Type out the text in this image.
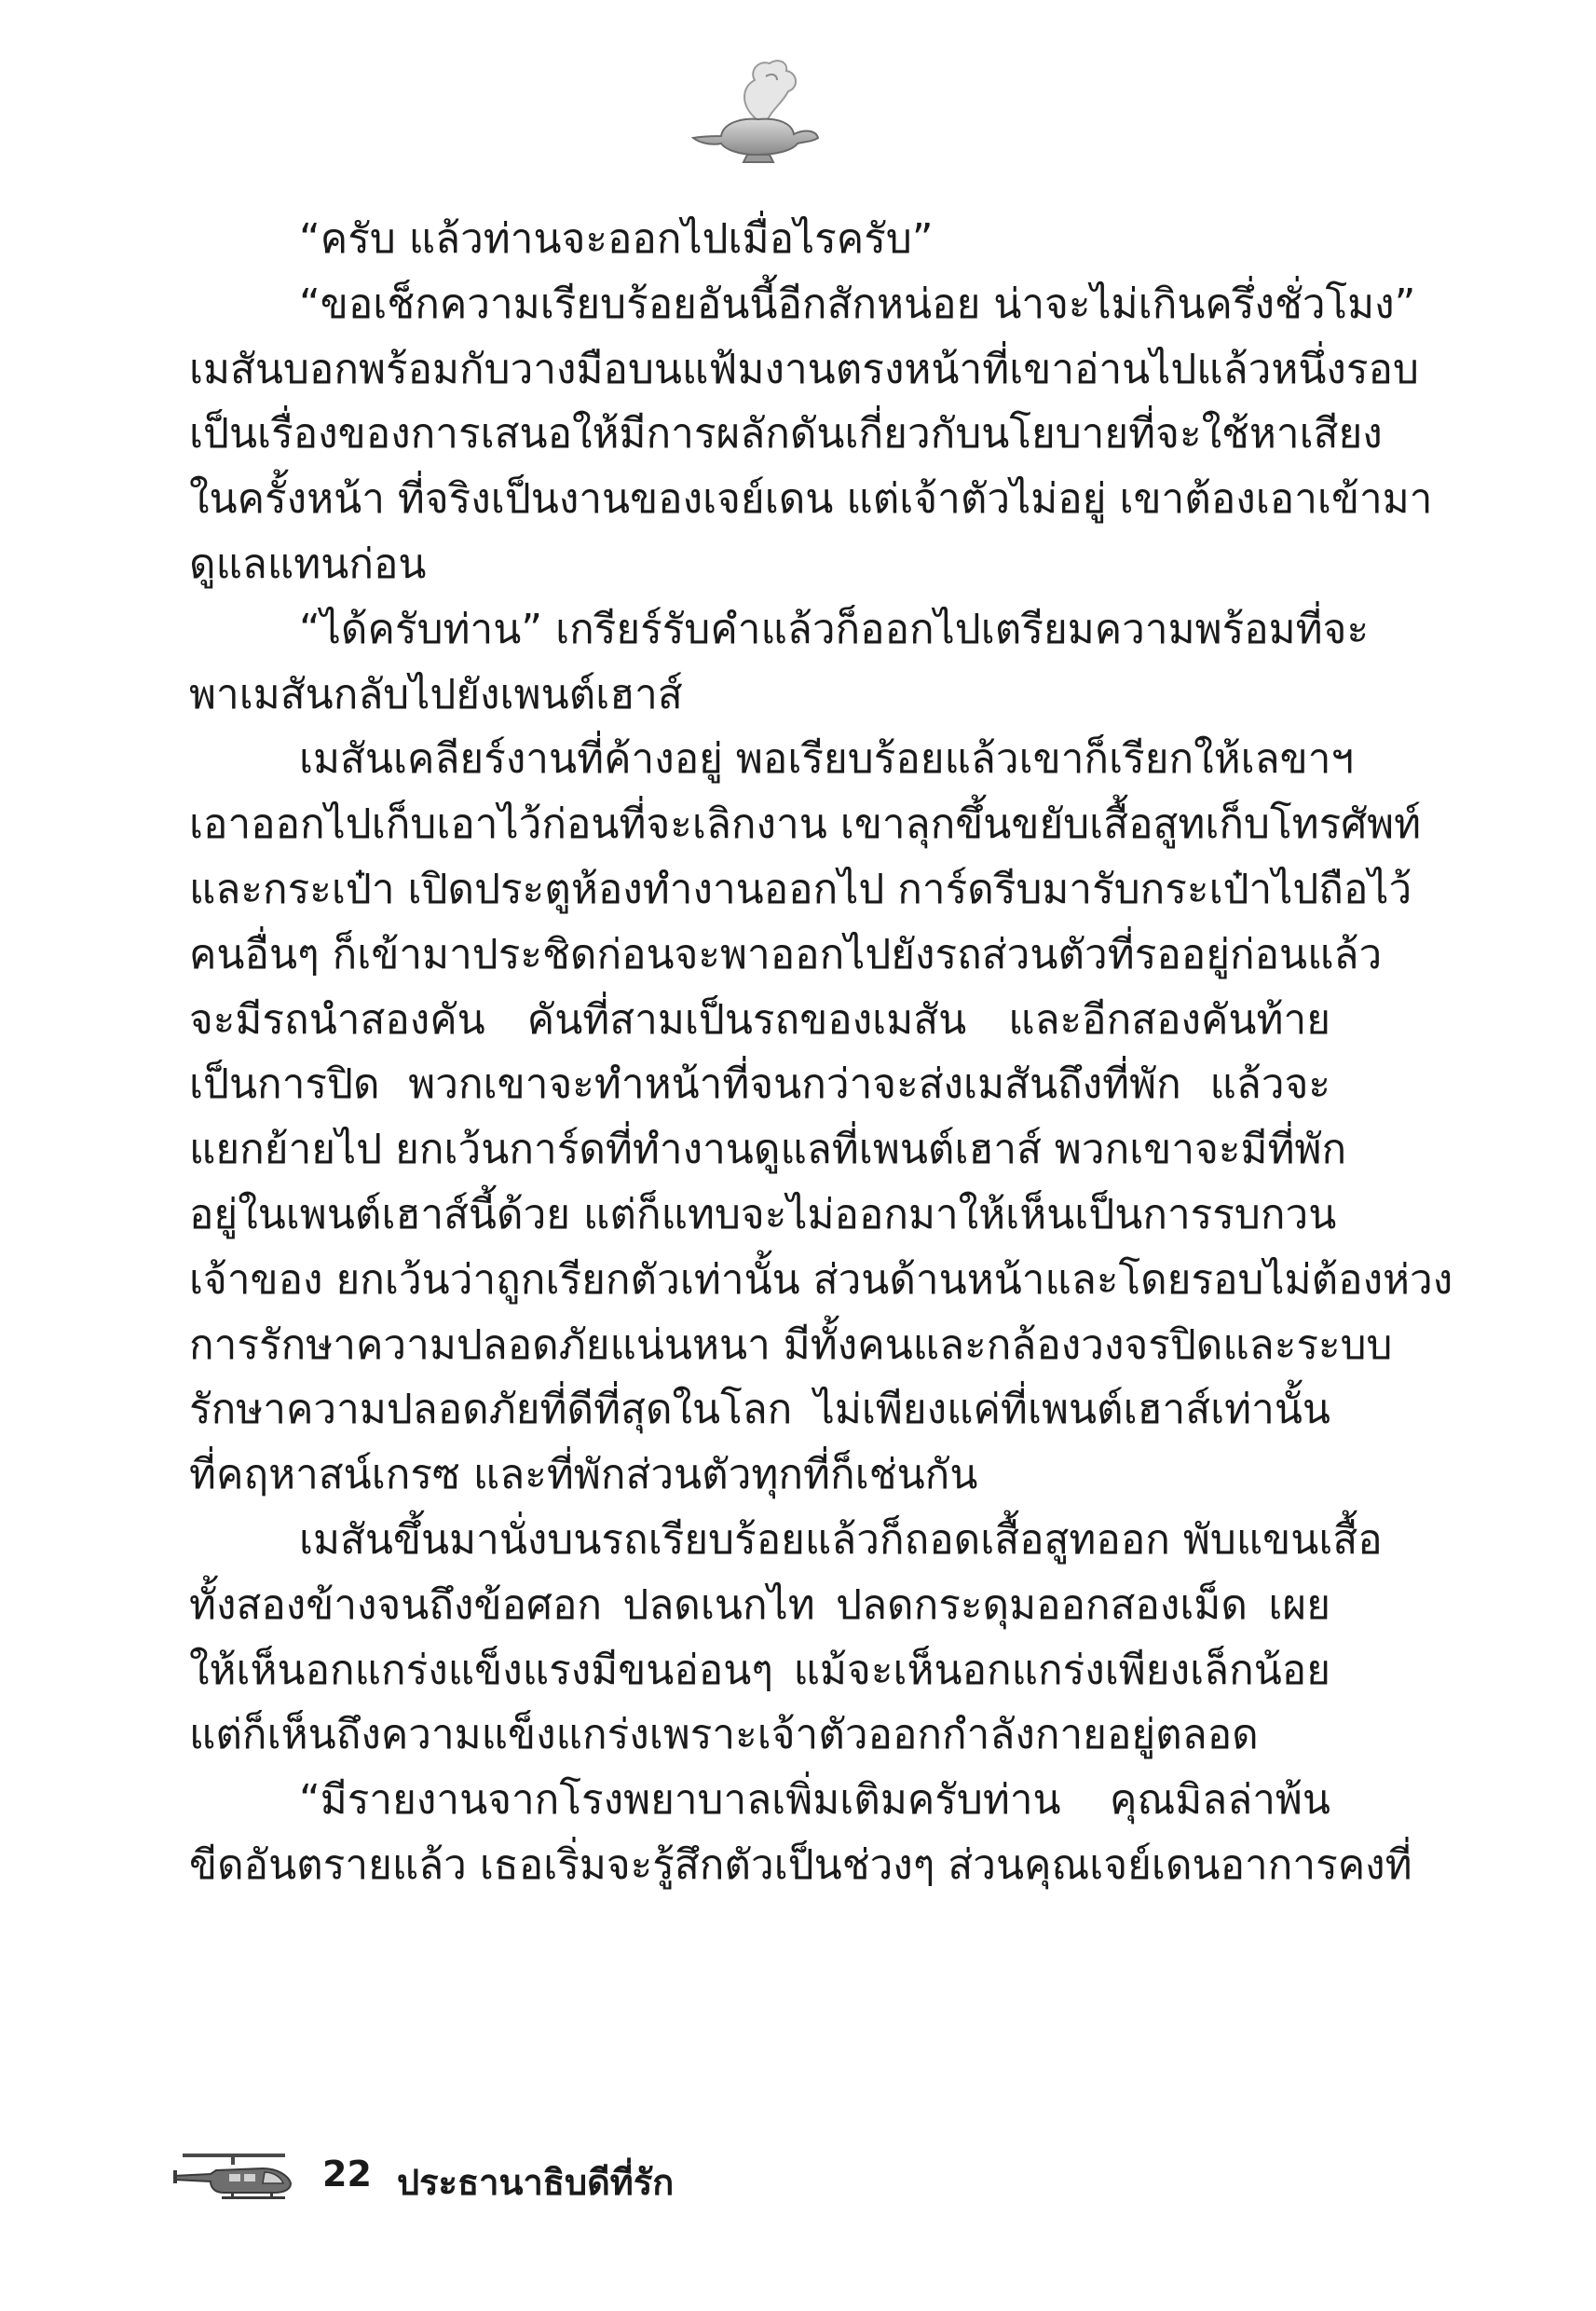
“ครับ แล้วท่านจะออกไปเมื่อไรครับ”
“ขอเช็กความเรียบร้อยอันนี้อีกสักหน่อย น่าจะไม่เกินครึ่งชั่วโมง”
เมสันบอกพร้อมกับวางมือบนแฟ้มงานตรงหน้าที่เขาอ่านไปแล้วหนึ่งรอบ
เป็นเรื่องของการเสนอให้มีการผลักดันเกี่ยวกับนโยบายที่จะใช้หาเสียง
ในครั้งหน้า ที่จริงเป็นงานของเจย์เดน แต่เจ้าตัวไม่อยู่ เขาต้องเอาเข้ามา
ดูแลแทนก่อน
“ได้ครับท่าน” เกรียร์รับคำแล้วก็ออกไปเตรียมความพร้อมที่จะ
พาเมสันกลับไปยังเพนต์เฮาส์
เมสันเคลียร์งานที่ค้างอยู่ พอเรียบร้อยแล้วเขาก็เรียกให้เลขาฯ
เอาออกไปเก็บเอาไว้ก่อนที่จะเลิกงาน เขาลุกขึ้นขยับเสื้อสูทเก็บโทรศัพท์
และกระเป๋า เปิดประตูห้องทำงานออกไป การ์ดรีบมารับกระเป๋าไปถือไว้
คนอื่นๆ ก็เข้ามาประชิดก่อนจะพาออกไปยังรถส่วนตัวที่รออยู่ก่อนแล้ว
จะมีรถนำสองคัน คันที่สามเป็นรถของเมสัน และอีกสองคันท้าย
เป็นการปิด พวกเขาจะทำหน้าที่จนกว่าจะส่งเมสันถึงที่พัก แล้วจะ
แยกย้ายไป ยกเว้นการ์ดที่ทำงานดูแลที่เพนต์เฮาส์ พวกเขาจะมีที่พัก
อยู่ในเพนต์เฮาส์นี้ด้วย แต่ก็แทบจะไม่ออกมาให้เห็นเป็นการรบกวน
เจ้าของ ยกเว้นว่าถูกเรียกตัวเท่านั้น ส่วนด้านหน้าและโดยรอบไม่ต้องห่วง
การรักษาความปลอดภัยแน่นหนา มีทั้งคนและกล้องวงจรปิดและระบบ
รักษาความปลอดภัยที่ดีที่สุดในโลก ไม่เพียงแค่ที่เพนต์เฮาส์เท่านั้น
ที่คฤหาสน์เกรซ และที่พักส่วนตัวทุกที่ก็เช่นกัน
เมสันขึ้นมานั่งบนรถเรียบร้อยแล้วก็ถอดเสื้อสูทออก พับแขนเสื้อ
ทั้งสองข้างจนถึงข้อศอก ปลดเนกไท ปลดกระดุมออกสองเม็ด เผย
ให้เห็นอกแกร่งแข็งแรงมีขนอ่อนๆ แม้จะเห็นอกแกร่งเพียงเล็กน้อย
แต่ก็เห็นถึงความแข็งแกร่งเพราะเจ้าตัวออกกำลังกายอยู่ตลอด
“มีรายงานจากโรงพยาบาลเพิ่มเติมครับท่าน คุณมิลล่าพ้น
ขีดอันตรายแล้ว เธอเริ่มจะรู้สึกตัวเป็นช่วงๆ ส่วนคุณเจย์เดนอาการคงที่
22 ประธานาธิบดีที่รัก
